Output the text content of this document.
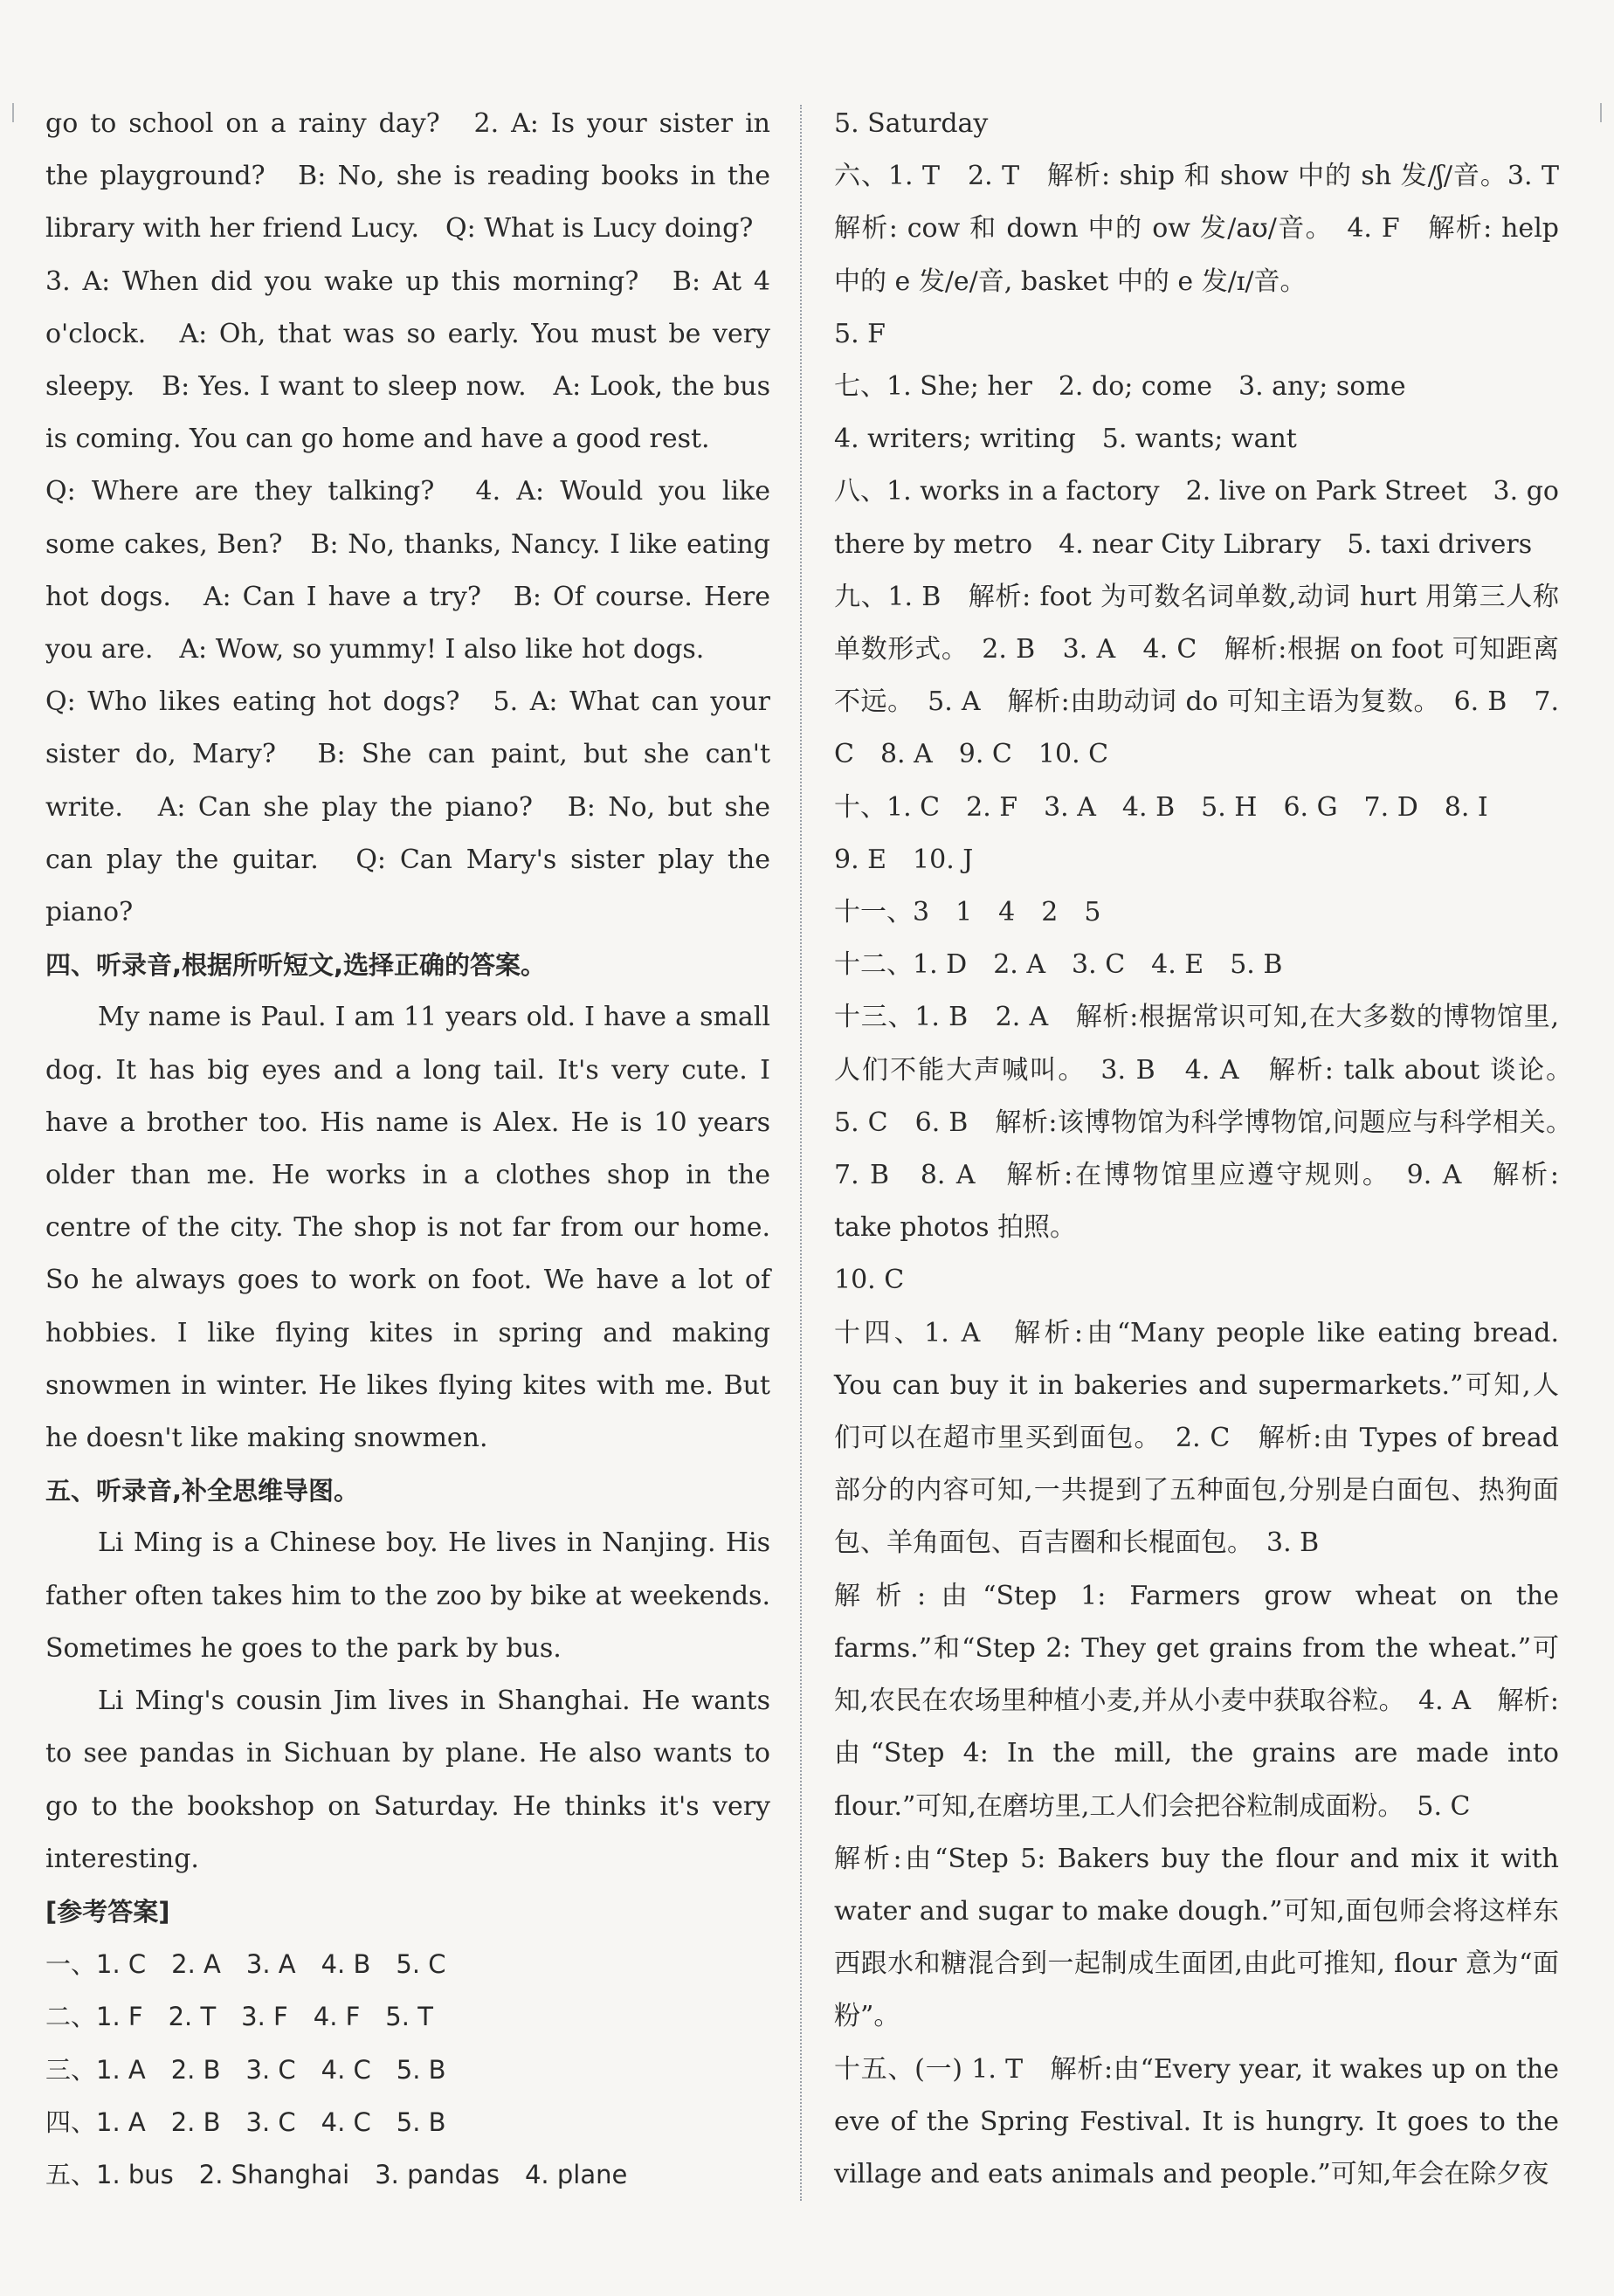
go to school on a rainy day?　2. A: Is your sister in the playground?　B: No, she is reading books in the library with her friend Lucy.　Q: What is Lucy doing?

3. A: When did you wake up this morning?　B: At 4 o'clock.　A: Oh, that was so early. You must be very sleepy.　B: Yes. I want to sleep now.　A: Look, the bus is coming. You can go home and have a good rest.

Q: Where are they talking?　4. A: Would you like some cakes, Ben?　B: No, thanks, Nancy. I like eating hot dogs.　A: Can I have a try?　B: Of course. Here you are.　A: Wow, so yummy! I also like hot dogs.

Q: Who likes eating hot dogs?　5. A: What can your sister do, Mary?　B: She can paint, but she can't write.　A: Can she play the piano?　B: No, but she can play the guitar.　Q: Can Mary's sister play the piano?

四、听录音,根据所听短文,选择正确的答案。

My name is Paul. I am 11 years old. I have a small dog. It has big eyes and a long tail. It's very cute. I have a brother too. His name is Alex. He is 10 years older than me. He works in a clothes shop in the centre of the city. The shop is not far from our home. So he always goes to work on foot. We have a lot of hobbies. I like flying kites in spring and making snowmen in winter. He likes flying kites with me. But he doesn't like making snowmen.

五、听录音,补全思维导图。

Li Ming is a Chinese boy. He lives in Nanjing. His father often takes him to the zoo by bike at weekends. Sometimes he goes to the park by bus.

Li Ming's cousin Jim lives in Shanghai. He wants to see pandas in Sichuan by plane. He also wants to go to the bookshop on Saturday. He thinks it's very interesting.

[参考答案]

一、1. C　2. A　3. A　4. B　5. C

二、1. F　2. T　3. F　4. F　5. T

三、1. A　2. B　3. C　4. C　5. B

四、1. A　2. B　3. C　4. C　5. B

五、1. bus　2. Shanghai　3. pandas　4. plane

5. Saturday

六、1. T　2. T　解析: ship 和 show 中的 sh 发/ʃ/音。3. T　解析: cow 和 down 中的 ow 发/aʊ/音。　4. F　解析: help 中的 e 发/e/音, basket 中的 e 发/ɪ/音。

5. F

七、1. She; her　2. do; come　3. any; some

4. writers; writing　5. wants; want

八、1. works in a factory　2. live on Park Street　3. go there by metro　4. near City Library　5. taxi drivers

九、1. B　解析: foot 为可数名词单数,动词 hurt 用第三人称单数形式。　2. B　3. A　4. C　解析:根据 on foot 可知距离不远。　5. A　解析:由助动词 do 可知主语为复数。　6. B　7. C　8. A　9. C　10. C

十、1. C　2. F　3. A　4. B　5. H　6. G　7. D　8. I

9. E　10. J

十一、3　1　4　2　5

十二、1. D　2. A　3. C　4. E　5. B

十三、1. B　2. A　解析:根据常识可知,在大多数的博物馆里,人们不能大声喊叫。　3. B　4. A　解析: talk about 谈论。　5. C　6. B　解析:该博物馆为科学博物馆,问题应与科学相关。　7. B　8. A　解析:在博物馆里应遵守规则。　9. A　解析: take photos 拍照。

10. C

十四、1. A　解析:由“Many people like eating bread. You can buy it in bakeries and supermarkets.”可知,人们可以在超市里买到面包。　2. C　解析:由 Types of bread 部分的内容可知,一共提到了五种面包,分别是白面包、热狗面包、羊角面包、百吉圈和长棍面包。　3. B

解析:由“Step 1: Farmers grow wheat on the farms.”和“Step 2: They get grains from the wheat.”可知,农民在农场里种植小麦,并从小麦中获取谷粒。　4. A　解析:由“Step 4: In the mill, the grains are made into flour.”可知,在磨坊里,工人们会把谷粒制成面粉。　5. C

解析:由“Step 5: Bakers buy the flour and mix it with water and sugar to make dough.”可知,面包师会将这样东西跟水和糖混合到一起制成生面团,由此可推知, flour 意为“面粉”。

十五、(一) 1. T　解析:由“Every year, it wakes up on the eve of the Spring Festival. It is hungry. It goes to the village and eats animals and people.”可知,年会在除夕夜
